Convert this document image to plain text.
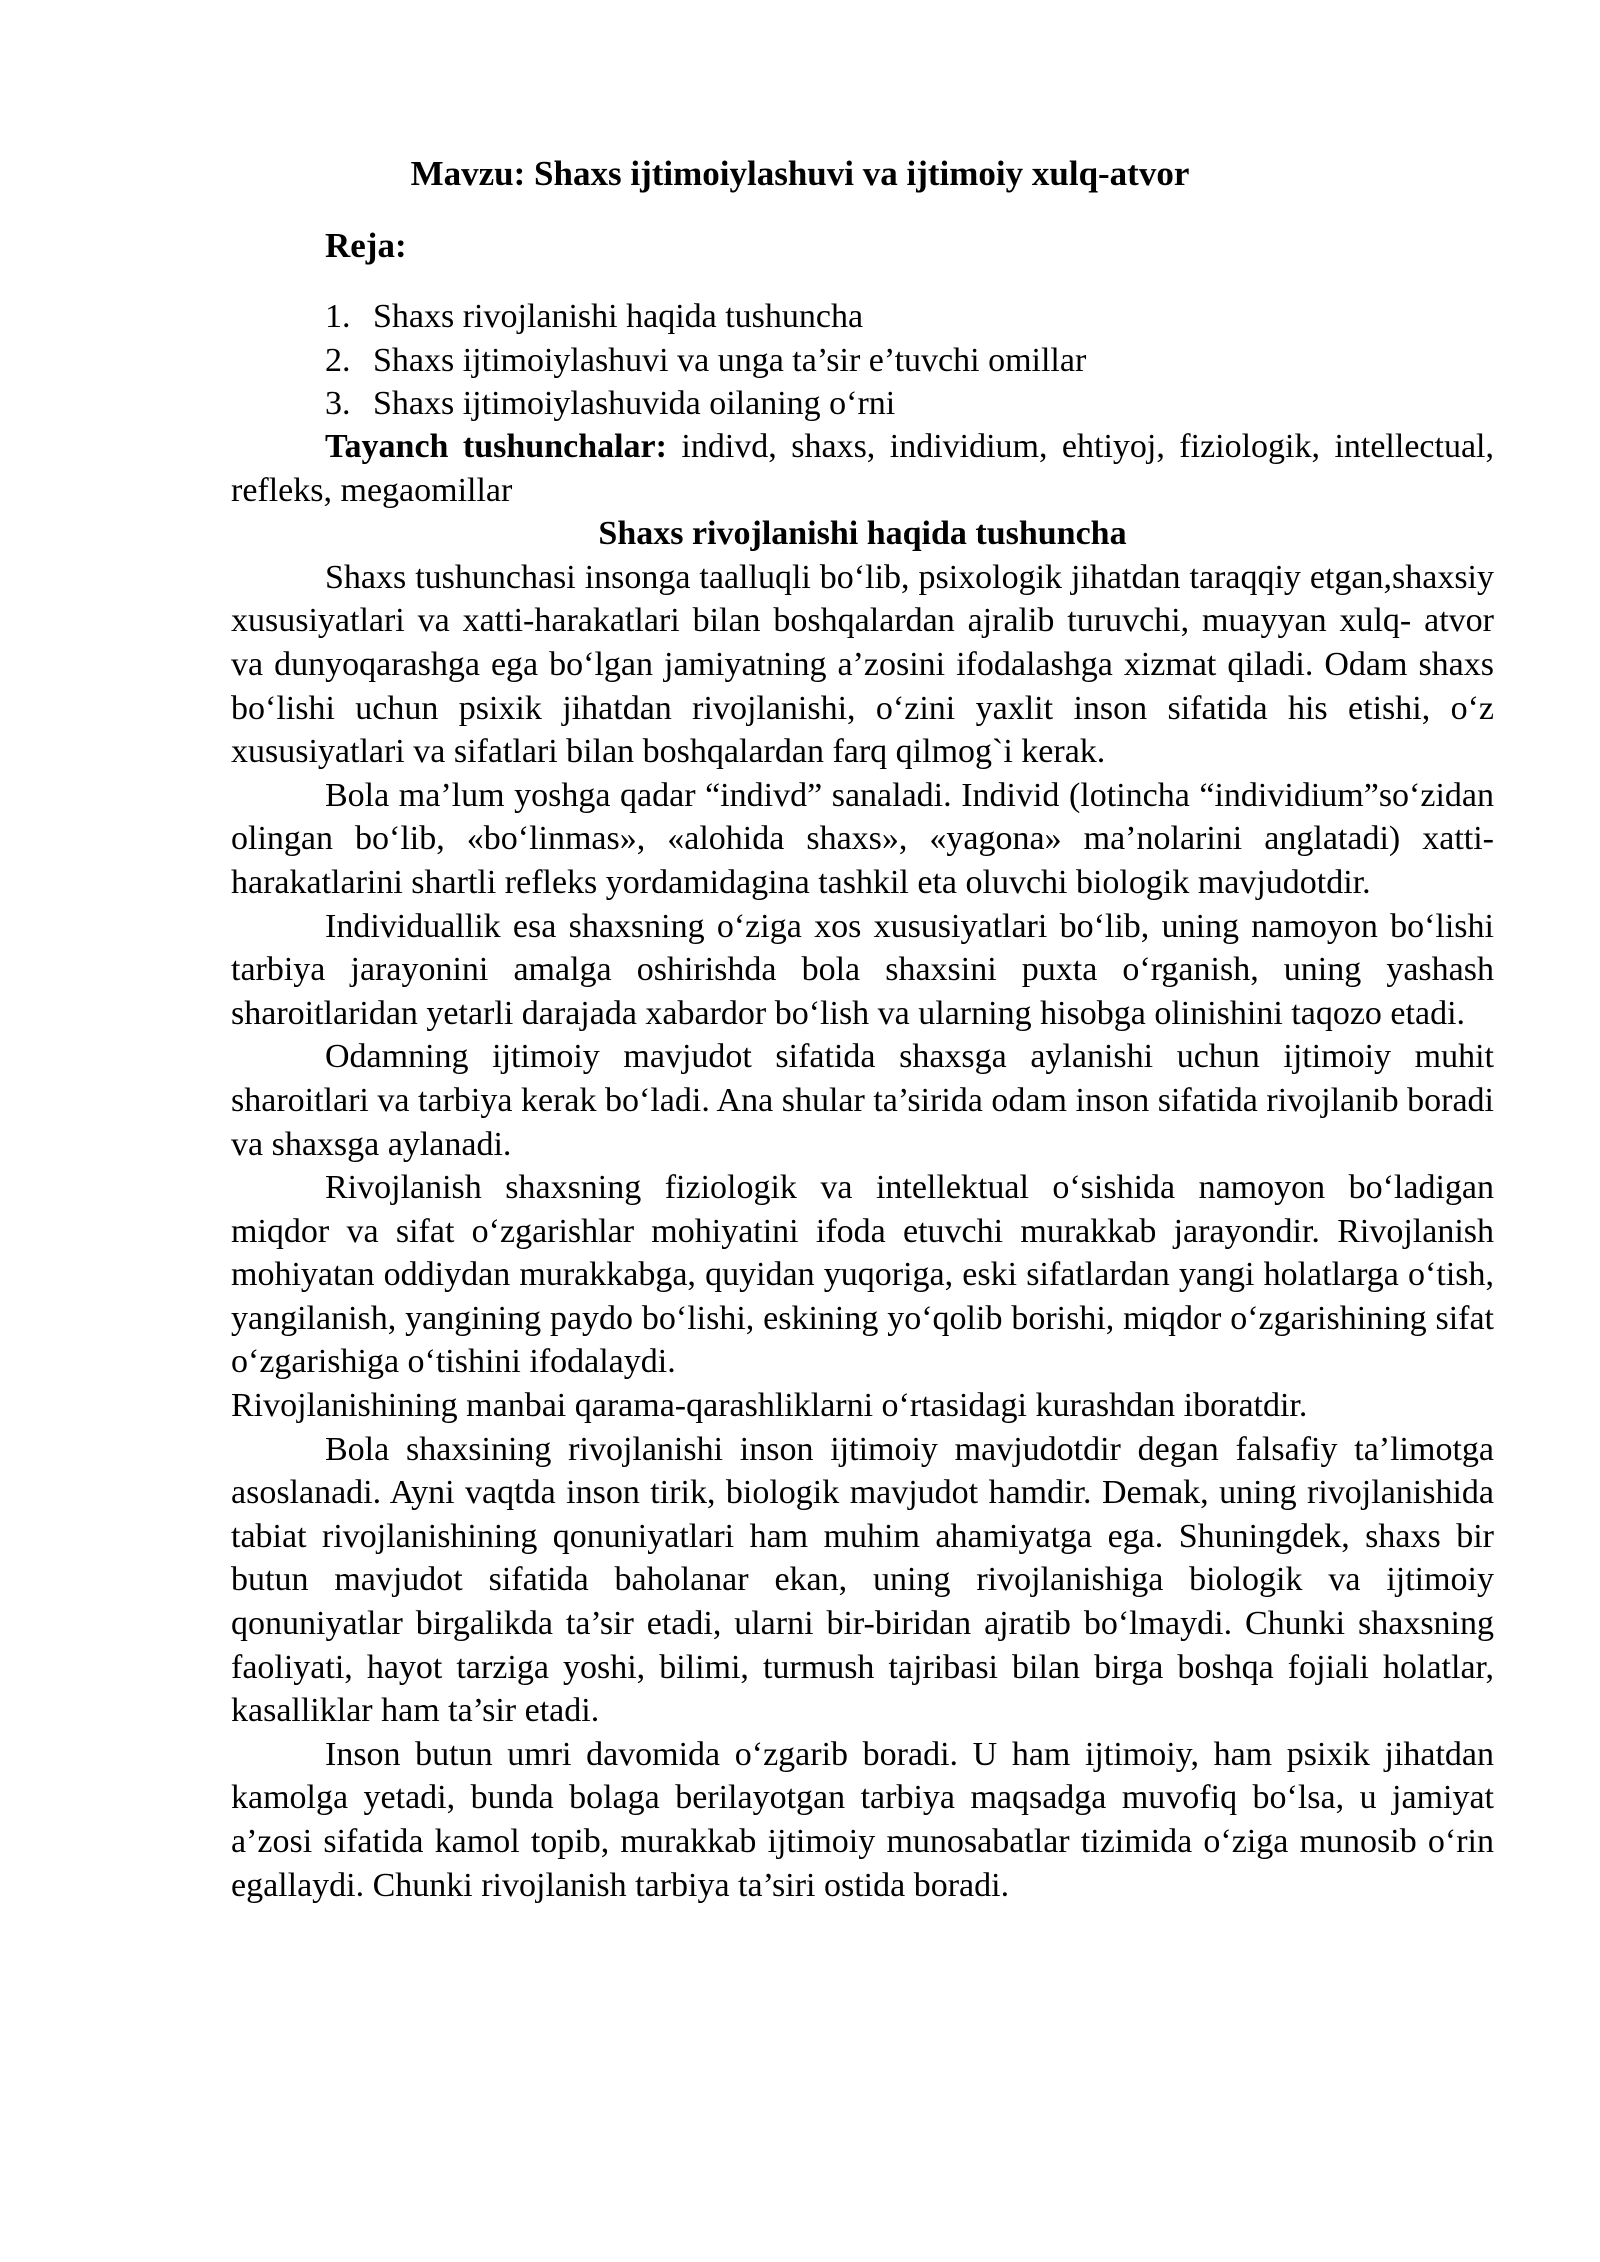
Mavzu: Shaxs ijtimoiylashuvi va ijtimoiy xulq-atvor
Reja:
1. Shaxs rivojlanishi haqida tushuncha
2. Shaxs ijtimoiylashuvi va unga ta’sir e’tuvchi omillar
3. Shaxs ijtimoiylashuvida oilaning o‘rni

Tayanch tushunchalar: indivd, shaxs, individium, ehtiyoj, fiziologik, intellectual, refleks, megaomillar

Shaxs rivojlanishi haqida tushuncha

Shaxs tushunchasi insonga taalluqli bo‘lib, psixologik jihatdan taraqqiy etgan,shaxsiy xususiyatlari va xatti-harakatlari bilan boshqalardan ajralib turuvchi, muayyan xulq- atvor va dunyoqarashga ega bo‘lgan jamiyatning a’zosini ifodalashga xizmat qiladi. Odam shaxs bo‘lishi uchun psixik jihatdan rivojlanishi, o‘zini yaxlit inson sifatida his etishi, o‘z xususiyatlari va sifatlari bilan boshqalardan farq qilmog`i kerak.

Bola ma’lum yoshga qadar “indivd” sanaladi. Individ (lotincha “individium”so‘zidan olingan bo‘lib, «bo‘linmas», «alohida shaxs», «yagona» ma’nolarini anglatadi) xatti-harakatlarini shartli refleks yordamidagina tashkil eta oluvchi biologik mavjudotdir.

Individuallik esa shaxsning o‘ziga xos xususiyatlari bo‘lib, uning namoyon bo‘lishi tarbiya jarayonini amalga oshirishda bola shaxsini puxta o‘rganish, uning yashash sharoitlaridan yetarli darajada xabardor bo‘lish va ularning hisobga olinishini taqozo etadi.

Odamning ijtimoiy mavjudot sifatida shaxsga aylanishi uchun ijtimoiy muhit sharoitlari va tarbiya kerak bo‘ladi. Ana shular ta’sirida odam inson sifatida rivojlanib boradi va shaxsga aylanadi.

Rivojlanish shaxsning fiziologik va intellektual o‘sishida namoyon bo‘ladigan miqdor va sifat o‘zgarishlar mohiyatini ifoda etuvchi murakkab jarayondir. Rivojlanish mohiyatan oddiydan murakkabga, quyidan yuqoriga, eski sifatlardan yangi holatlarga o‘tish, yangilanish, yangining paydo bo‘lishi, eskining yo‘qolib borishi, miqdor o‘zgarishining sifat o‘zgarishiga o‘tishini ifodalaydi.

Rivojlanishining manbai qarama-qarashliklarni o‘rtasidagi kurashdan iboratdir.

Bola shaxsining rivojlanishi inson ijtimoiy mavjudotdir degan falsafiy ta’limotga asoslanadi. Ayni vaqtda inson tirik, biologik mavjudot hamdir. Demak, uning rivojlanishida tabiat rivojlanishining qonuniyatlari ham muhim ahamiyatga ega. Shuningdek, shaxs bir butun mavjudot sifatida baholanar ekan, uning rivojlanishiga biologik va ijtimoiy qonuniyatlar birgalikda ta’sir etadi, ularni bir-biridan ajratib bo‘lmaydi. Chunki shaxsning faoliyati, hayot tarziga yoshi, bilimi, turmush tajribasi bilan birga boshqa fojiali holatlar, kasalliklar ham ta’sir etadi.

Inson butun umri davomida o‘zgarib boradi. U ham ijtimoiy, ham psixik jihatdan kamolga yetadi, bunda bolaga berilayotgan tarbiya maqsadga muvofiq bo‘lsa, u jamiyat a’zosi sifatida kamol topib, murakkab ijtimoiy munosabatlar tizimida o‘ziga munosib o‘rin egallaydi. Chunki rivojlanish tarbiya ta’siri ostida boradi.
